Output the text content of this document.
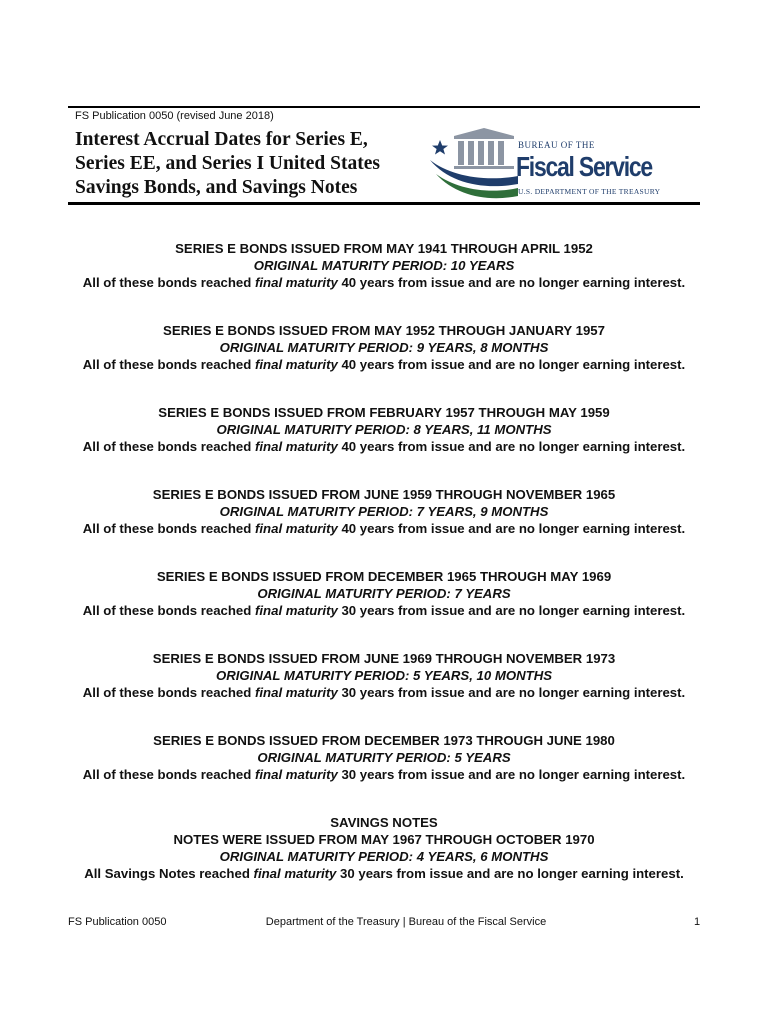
FS Publication 0050 (revised June 2018)
Interest Accrual Dates for Series E,
Series EE, and Series I United States
Savings Bonds, and Savings Notes
BUREAU OF THE
Fiscal Service
U.S. DEPARTMENT OF THE TREASURY
SERIES E BONDS ISSUED FROM MAY 1941 THROUGH APRIL 1952
ORIGINAL MATURITY PERIOD: 10 YEARS
All of these bonds reached final maturity 40 years from issue and are no longer earning interest.
SERIES E BONDS ISSUED FROM MAY 1952 THROUGH JANUARY 1957
ORIGINAL MATURITY PERIOD: 9 YEARS, 8 MONTHS
All of these bonds reached final maturity 40 years from issue and are no longer earning interest.
SERIES E BONDS ISSUED FROM FEBRUARY 1957 THROUGH MAY 1959
ORIGINAL MATURITY PERIOD: 8 YEARS, 11 MONTHS
All of these bonds reached final maturity 40 years from issue and are no longer earning interest.
SERIES E BONDS ISSUED FROM JUNE 1959 THROUGH NOVEMBER 1965
ORIGINAL MATURITY PERIOD: 7 YEARS, 9 MONTHS
All of these bonds reached final maturity 40 years from issue and are no longer earning interest.
SERIES E BONDS ISSUED FROM DECEMBER 1965 THROUGH MAY 1969
ORIGINAL MATURITY PERIOD: 7 YEARS
All of these bonds reached final maturity 30 years from issue and are no longer earning interest.
SERIES E BONDS ISSUED FROM JUNE 1969 THROUGH NOVEMBER 1973
ORIGINAL MATURITY PERIOD: 5 YEARS, 10 MONTHS
All of these bonds reached final maturity 30 years from issue and are no longer earning interest.
SERIES E BONDS ISSUED FROM DECEMBER 1973 THROUGH JUNE 1980
ORIGINAL MATURITY PERIOD: 5 YEARS
All of these bonds reached final maturity 30 years from issue and are no longer earning interest.
SAVINGS NOTES
NOTES WERE ISSUED FROM MAY 1967 THROUGH OCTOBER 1970
ORIGINAL MATURITY PERIOD: 4 YEARS, 6 MONTHS
All Savings Notes reached final maturity 30 years from issue and are no longer earning interest.
FS Publication 0050	Department of the Treasury | Bureau of the Fiscal Service	1
